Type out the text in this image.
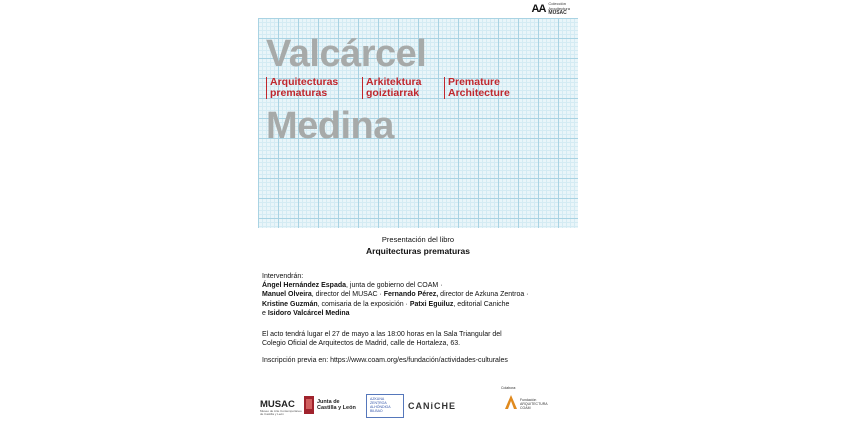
AA Colección
Arquitectura
MUSAC
Valcárcel
Arquitecturas
prematuras
Arkitektura
goiztiarrak
Premature
Architecture
Medina
Presentación del libro
Arquitecturas prematuras
Intervendrán:
Ángel Hernández Espada, junta de gobierno del COAM ·
Manuel Olveira, director del MUSAC · Fernando Pérez, director de Azkuna Zentroa ·
Kristine Guzmán, comisaria de la exposición · Patxi Eguiluz, editorial Caniche
e Isidoro Valcárcel Medina
El acto tendrá lugar el 27 de mayo a las 18:00 horas en la Sala Triangular del
Colegio Oficial de Arquitectos de Madrid, calle de Hortaleza, 63.
Inscripción previa en: https://www.coam.org/es/fundación/actividades-culturales
MUSAC
Museo de Arte Contemporáneo
de Castilla y León
Junta de
Castilla y León
AZKUNA
ZENTROA
ALHÓNDIGA
BILBAO	CANiCHE
Colabora:
Fundación
ARQUITECTURA
COAM
